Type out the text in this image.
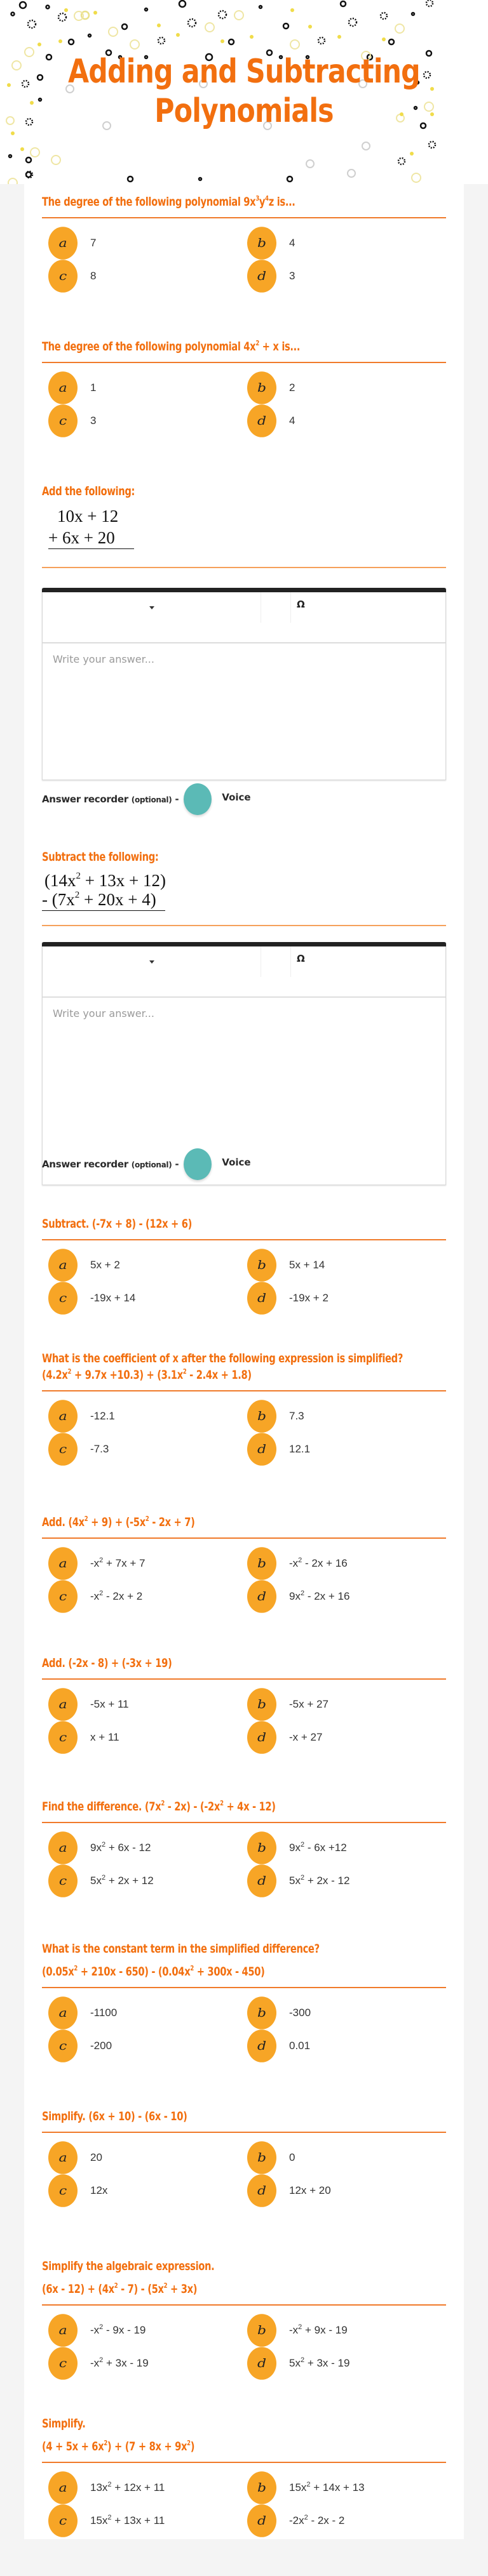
Adding and Subtracting
Polynomials
The degree of the following polynomial $9x^3y^4z$ is...
a	7	b	4
c	8	d	3
The degree of the following polynomial $4x^2 + x$ is...
a	1	b	2
c	3	d	4
Add the following:
10x + 12
+ 6x + 20
Ω
Write your answer...
Answer recorder (optional) -	Voice
Subtract the following:
$(14x^2 + 13x + 12)$
- $(7x^2 + 20x + 4)$
Ω
Write your answer...
Answer recorder (optional) -	Voice
Subtract. (-7x + 8) - (12x + 6)
a	5x + 2	b	5x + 14
c	-19x + 14	d	-19x + 2
What is the coefficient of x after the following expression is simplified?
$(4.2x^2 + 9.7x +10.3) + (3.1x^2 - 2.4x + 1.8)$
a	-12.1	b	7.3
c	-7.3	d	12.1
Add. $(4x^2 + 9) + (-5x^2 - 2x + 7)$
a	$-x^2 + 7x + 7$	b	$-x^2 - 2x + 16$
c	$-x^2 - 2x + 2$	d	$9x^2 - 2x + 16$
Add. (-2x - 8) + (-3x + 19)
a	-5x + 11	b	-5x + 27
c	x + 11	d	-x + 27
Find the difference. $(7x^2 - 2x) - (-2x^2 + 4x - 12)$
a	$9x^2 + 6x - 12$	b	$9x^2 - 6x +12$
c	$5x^2 + 2x + 12$	d	$5x^2 + 2x - 12$
What is the constant term in the simplified difference?
$(0.05x^2 + 210x - 650) - (0.04x^2 + 300x - 450)$
a	-1100	b	-300
c	-200	d	0.01
Simplify. (6x + 10) - (6x - 10)
a	20	b	0
c	12x	d	12x + 20
Simplify the algebraic expression.
$(6x - 12) + (4x^2 - 7) - (5x^2 + 3x)$
a	$-x^2 - 9x - 19$	b	$-x^2 + 9x - 19$
c	$-x^2 + 3x - 19$	d	$5x^2 + 3x - 19$
Simplify.
$(4 + 5x + 6x^2) + (7 + 8x + 9x^2)$
a	$13x^2 + 12x + 11$	b	$15x^2 + 14x + 13$
c	$15x^2 + 13x + 11$	d	$-2x^2 - 2x - 2$
